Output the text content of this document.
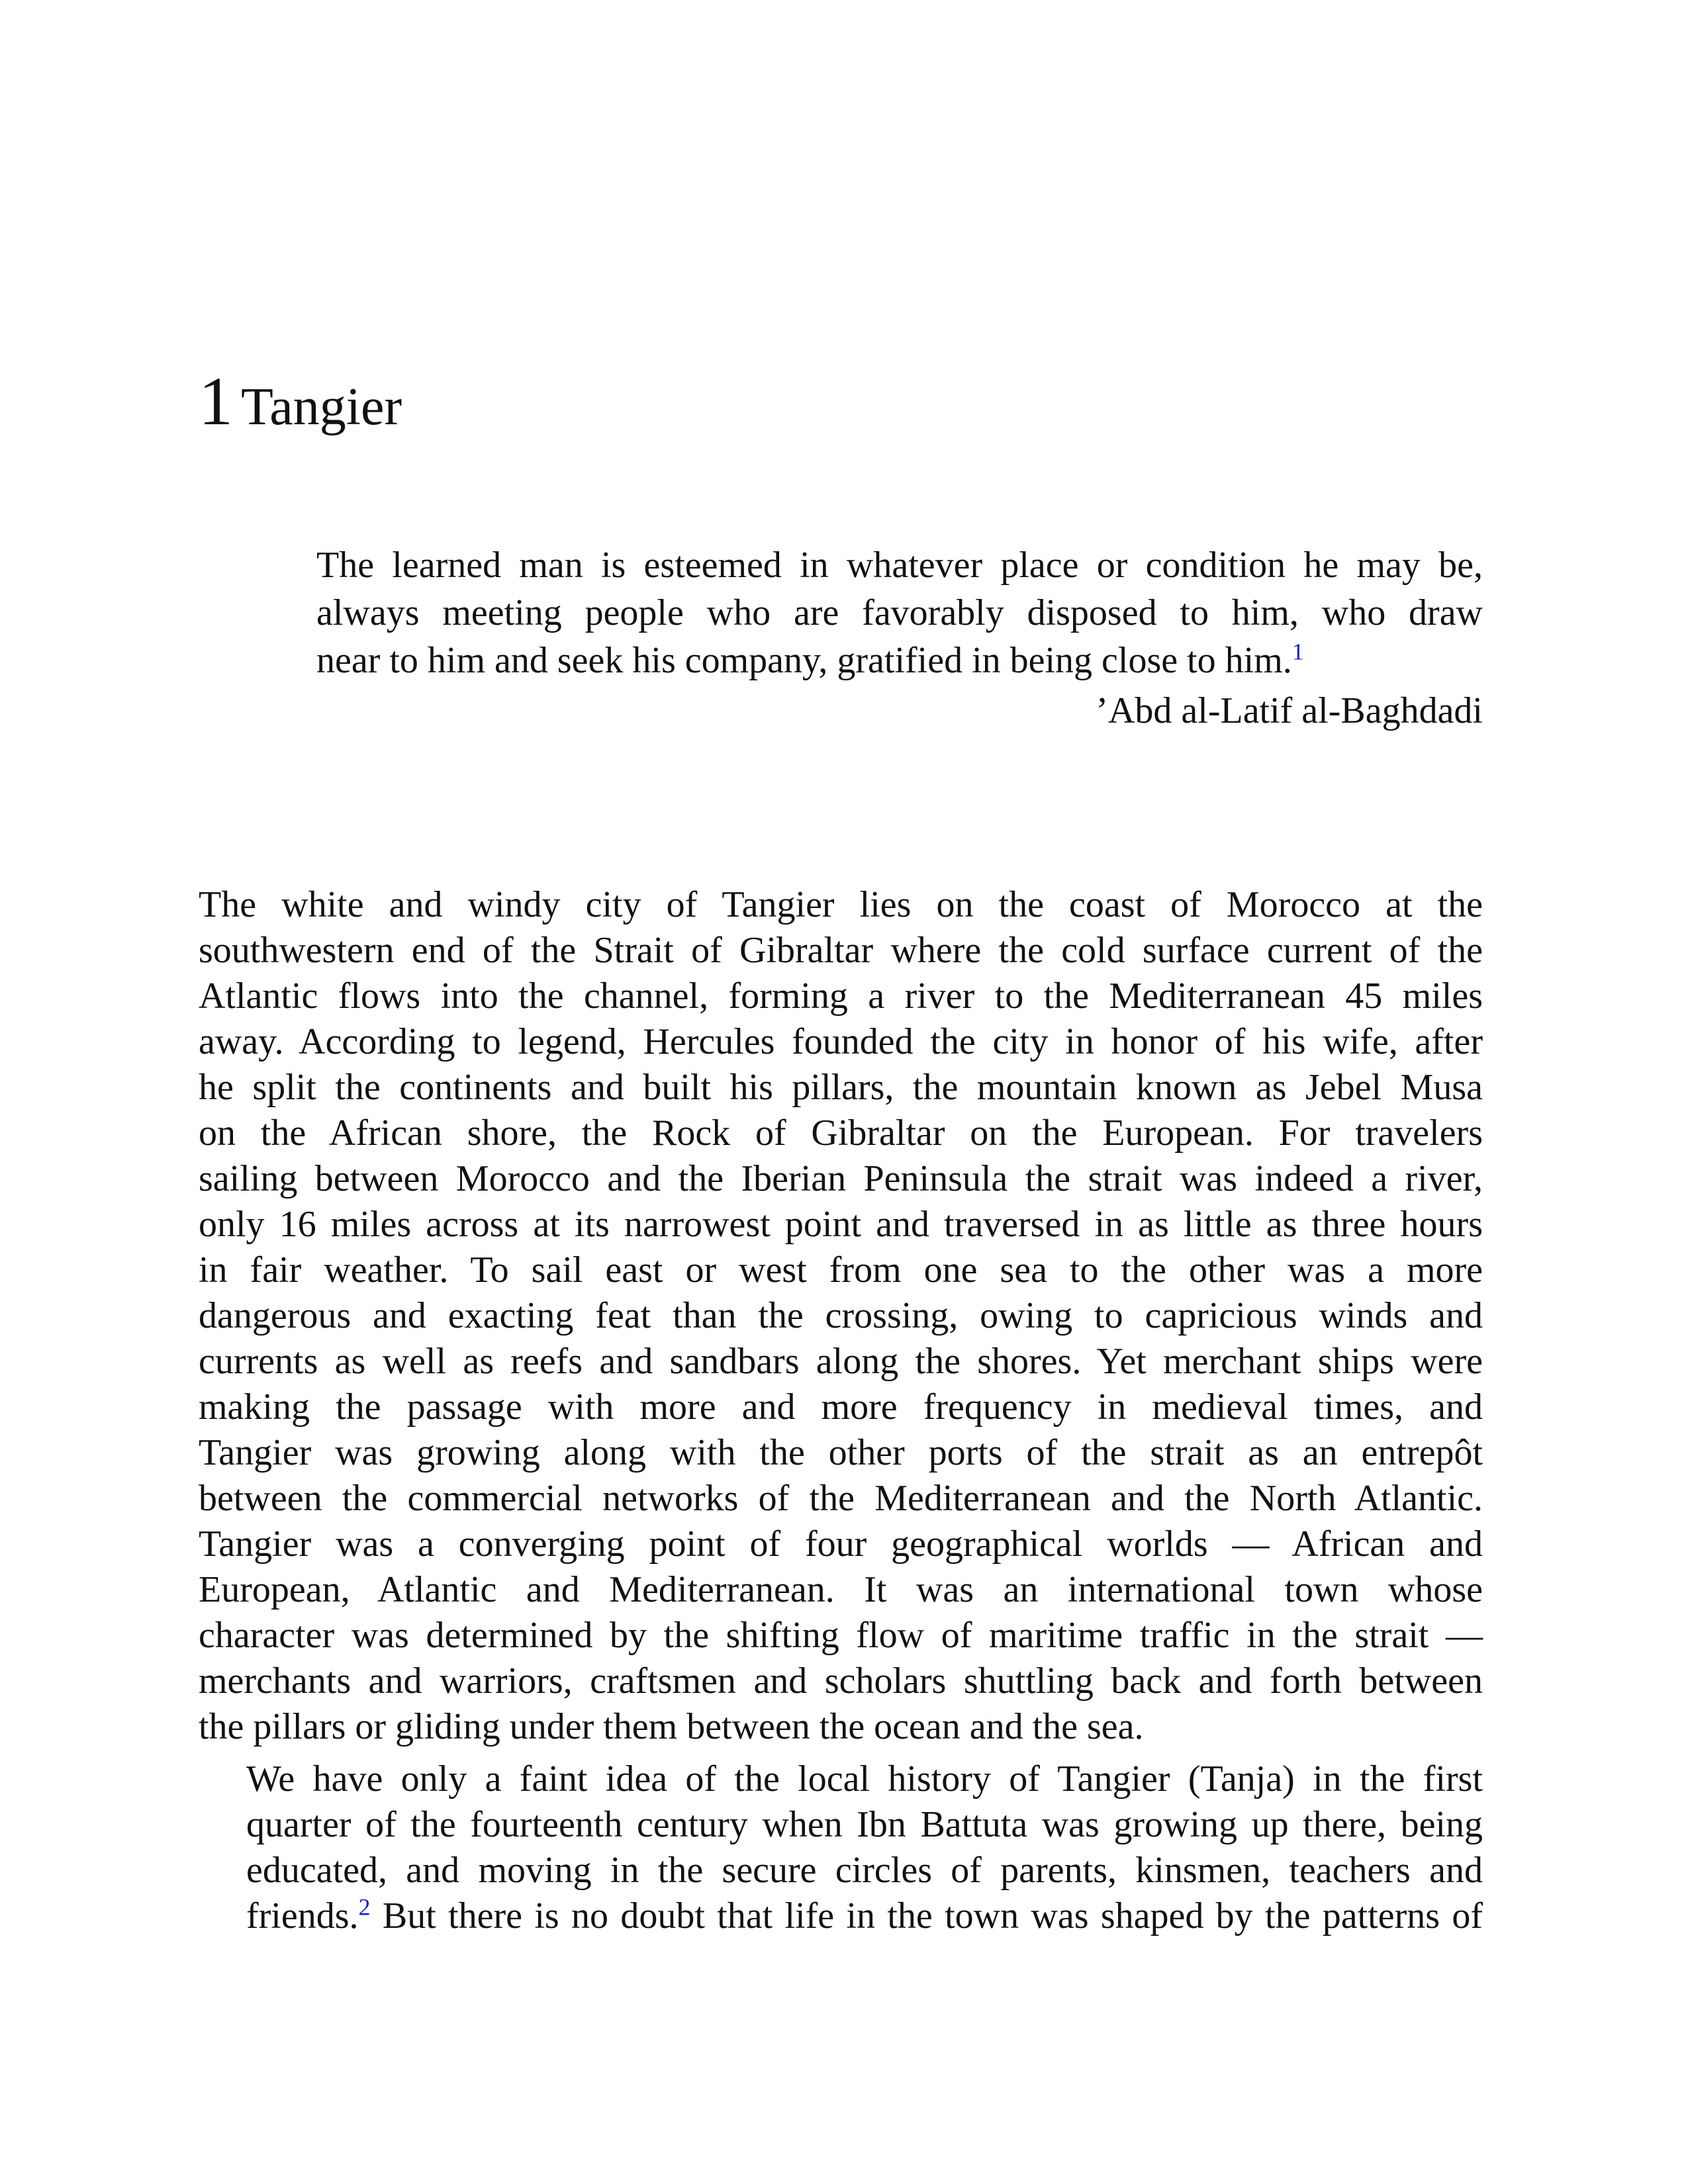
1 Tangier

The learned man is esteemed in whatever place or condition he may be,
always meeting people who are favorably disposed to him, who draw
near to him and seek his company, gratified in being close to him.$^1$

’Abd al-Latif al-Baghdadi

The white and windy city of Tangier lies on the coast of Morocco at the
southwestern end of the Strait of Gibraltar where the cold surface current of the
Atlantic flows into the channel, forming a river to the Mediterranean 45 miles
away. According to legend, Hercules founded the city in honor of his wife, after
he split the continents and built his pillars, the mountain known as Jebel Musa
on the African shore, the Rock of Gibraltar on the European. For travelers
sailing between Morocco and the Iberian Peninsula the strait was indeed a river,
only 16 miles across at its narrowest point and traversed in as little as three hours
in fair weather. To sail east or west from one sea to the other was a more
dangerous and exacting feat than the crossing, owing to capricious winds and
currents as well as reefs and sandbars along the shores. Yet merchant ships were
making the passage with more and more frequency in medieval times, and
Tangier was growing along with the other ports of the strait as an entrepôt
between the commercial networks of the Mediterranean and the North Atlantic.
Tangier was a converging point of four geographical worlds — African and
European, Atlantic and Mediterranean. It was an international town whose
character was determined by the shifting flow of maritime traffic in the strait —
merchants and warriors, craftsmen and scholars shuttling back and forth between
the pillars or gliding under them between the ocean and the sea.

We have only a faint idea of the local history of Tangier (Tanja) in the first
quarter of the fourteenth century when Ibn Battuta was growing up there, being
educated, and moving in the secure circles of parents, kinsmen, teachers and
friends.$^2$ But there is no doubt that life in the town was shaped by the patterns of
